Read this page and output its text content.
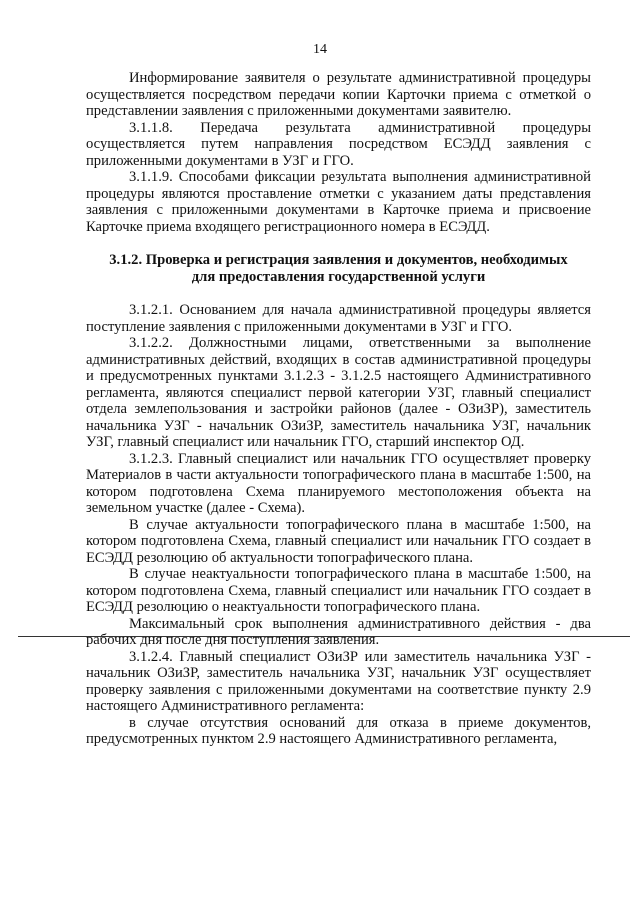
14

Информирование заявителя о результате административной процедуры осуществляется посредством передачи копии Карточки приема с отметкой о представлении заявления с приложенными документами заявителю.

3.1.1.8. Передача результата административной процедуры осуществляется путем направления посредством ЕСЭДД заявления с приложенными документами в УЗГ и ГГО.

3.1.1.9. Способами фиксации результата выполнения административной процедуры являются проставление отметки с указанием даты представления заявления с приложенными документами в Карточке приема и присвоение Карточке приема входящего регистрационного номера в ЕСЭДД.

3.1.2. Проверка и регистрация заявления и документов, необходимых

для предоставления государственной услуги

3.1.2.1. Основанием для начала административной процедуры является поступление заявления с приложенными документами в УЗГ и ГГО.

3.1.2.2. Должностными лицами, ответственными за выполнение административных действий, входящих в состав административной процедуры и предусмотренных пунктами 3.1.2.3 - 3.1.2.5 настоящего Административного регламента, являются специалист первой категории УЗГ, главный специалист отдела землепользования и застройки районов (далее - ОЗиЗР), заместитель начальника УЗГ - начальник ОЗиЗР, заместитель начальника УЗГ, начальник УЗГ, главный специалист или начальник ГГО, старший инспектор ОД.

3.1.2.3. Главный специалист или начальник ГГО осуществляет проверку Материалов в части актуальности топографического плана в масштабе 1:500, на котором подготовлена Схема планируемого местоположения объекта на земельном участке (далее - Схема).

В случае актуальности топографического плана в масштабе 1:500, на котором подготовлена Схема, главный специалист или начальник ГГО создает в ЕСЭДД резолюцию об актуальности топографического плана.

В случае неактуальности топографического плана в масштабе 1:500, на котором подготовлена Схема, главный специалист или начальник ГГО создает в ЕСЭДД резолюцию о неактуальности топографического плана.

Максимальный срок выполнения административного действия - два рабочих дня после дня поступления заявления.

3.1.2.4. Главный специалист ОЗиЗР или заместитель начальника УЗГ - начальник ОЗиЗР, заместитель начальника УЗГ, начальник УЗГ осуществляет проверку заявления с приложенными документами на соответствие пункту 2.9 настоящего Административного регламента:

в случае отсутствия оснований для отказа в приеме документов, предусмотренных пунктом 2.9 настоящего Административного регламента,
